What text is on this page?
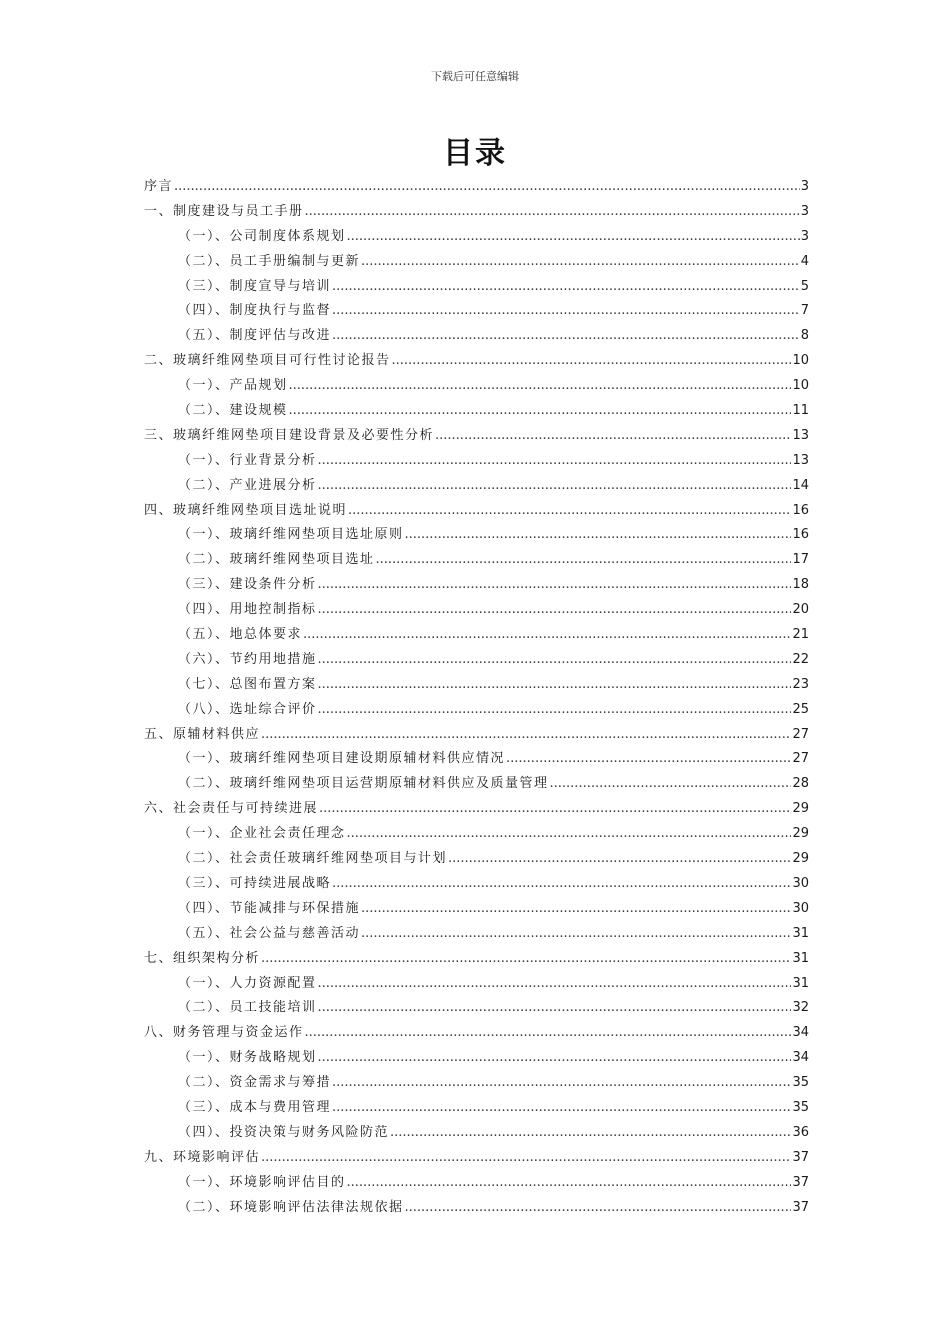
下载后可任意编辑
目录
序言 .....	3
一、制度建设与员工手册 .....	3
（一）、公司制度体系规划 .....	3
（二）、员工手册编制与更新 .....	4
（三）、制度宣导与培训 .....	5
（四）、制度执行与监督 .....	7
（五）、制度评估与改进 .....	8
二、玻璃纤维网垫项目可行性讨论报告 .....	10
（一）、产品规划 .....	10
（二）、建设规模 .....	11
三、玻璃纤维网垫项目建设背景及必要性分析 .....	13
（一）、行业背景分析 .....	13
（二）、产业进展分析 .....	14
四、玻璃纤维网垫项目选址说明 .....	16
（一）、玻璃纤维网垫项目选址原则 .....	16
（二）、玻璃纤维网垫项目选址 .....	17
（三）、建设条件分析 .....	18
（四）、用地控制指标 .....	20
（五）、地总体要求 .....	21
（六）、节约用地措施 .....	22
（七）、总图布置方案 .....	23
（八）、选址综合评价 .....	25
五、原辅材料供应 .....	27
（一）、玻璃纤维网垫项目建设期原辅材料供应情况 .....	27
（二）、玻璃纤维网垫项目运营期原辅材料供应及质量管理 .....	28
六、社会责任与可持续进展 .....	29
（一）、企业社会责任理念 .....	29
（二）、社会责任玻璃纤维网垫项目与计划 .....	29
（三）、可持续进展战略 .....	30
（四）、节能减排与环保措施 .....	30
（五）、社会公益与慈善活动 .....	31
七、组织架构分析 .....	31
（一）、人力资源配置 .....	31
（二）、员工技能培训 .....	32
八、财务管理与资金运作 .....	34
（一）、财务战略规划 .....	34
（二）、资金需求与筹措 .....	35
（三）、成本与费用管理 .....	35
（四）、投资决策与财务风险防范 .....	36
九、环境影响评估 .....	37
（一）、环境影响评估目的 .....	37
（二）、环境影响评估法律法规依据 .....	37
